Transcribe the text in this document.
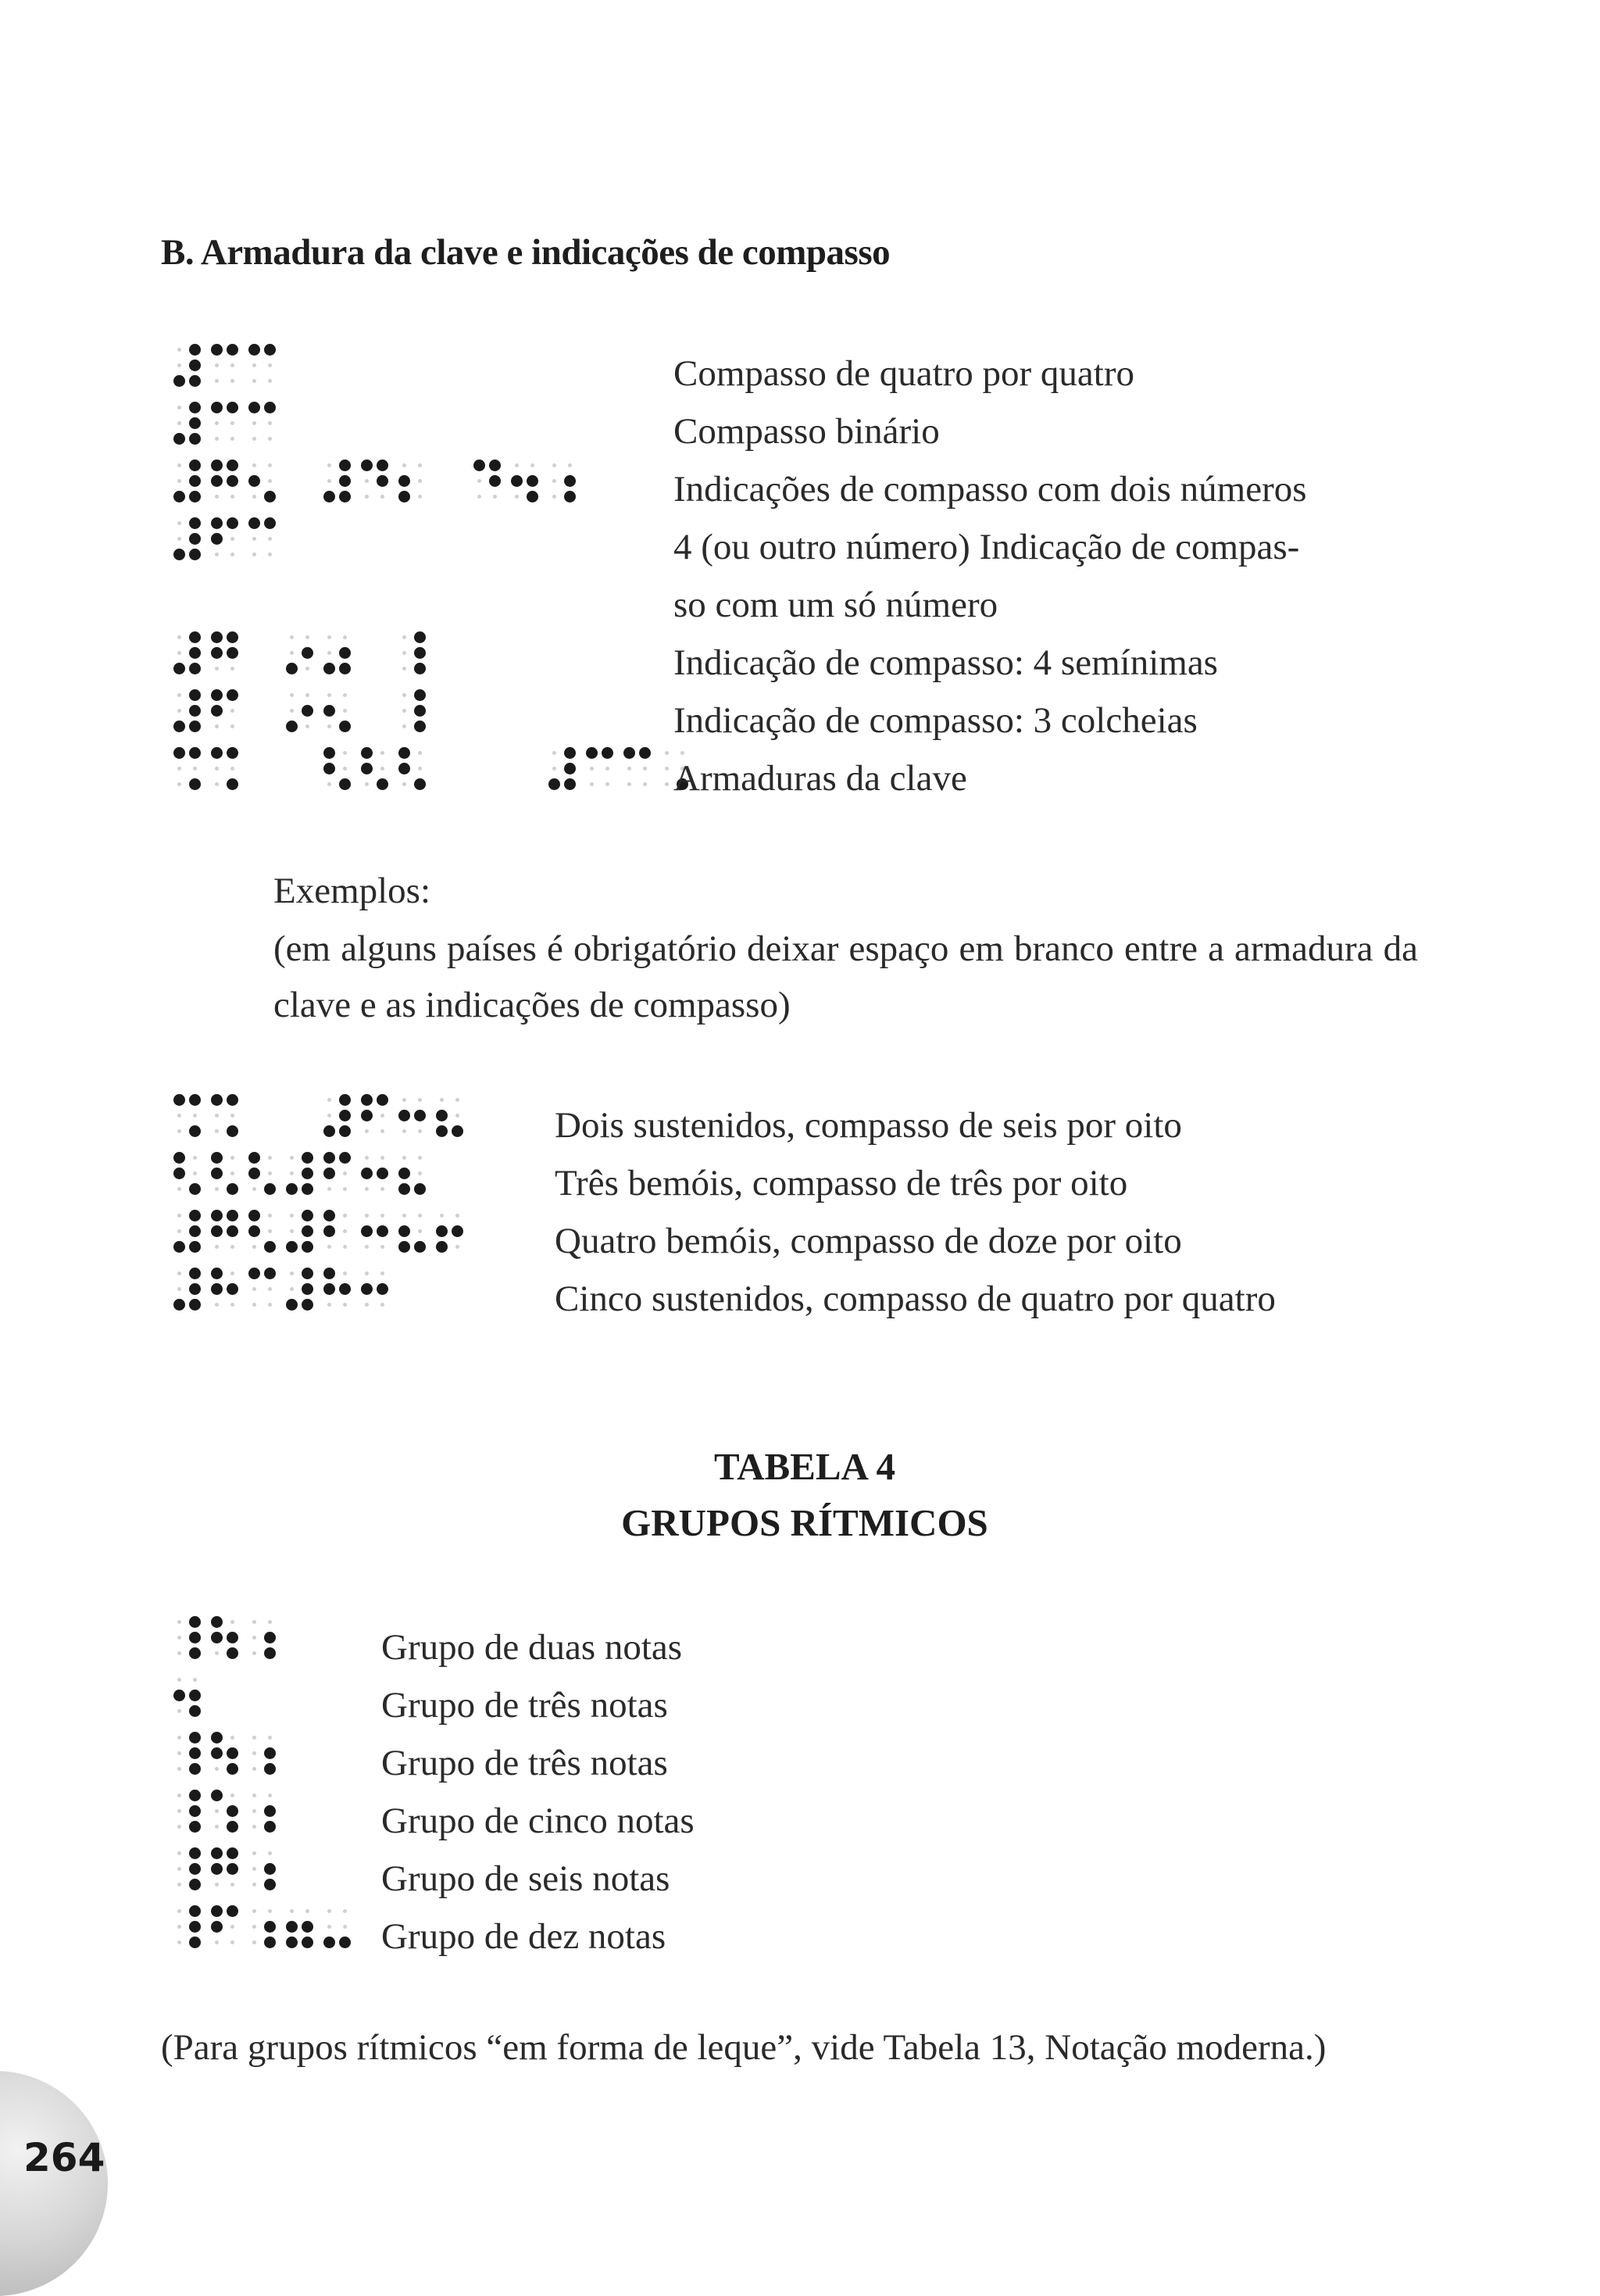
B. Armadura da clave e indicações de compasso
Compasso de quatro por quatro
Compasso binário
Indicações de compasso com dois números
4 (ou outro número) Indicação de compas-
so com um só número
Indicação de compasso: 4 semínimas
Indicação de compasso: 3 colcheias
Armaduras da clave
Exemplos:
(em alguns países é obrigatório deixar espaço em branco entre a armadura da clave e as indicações de compasso)
Dois sustenidos, compasso de seis por oito
Três bemóis, compasso de três por oito
Quatro bemóis, compasso de doze por oito
Cinco sustenidos, compasso de quatro por quatro
TABELA 4
GRUPOS RÍTMICOS
Grupo de duas notas
Grupo de três notas
Grupo de três notas
Grupo de cinco notas
Grupo de seis notas
Grupo de dez notas
(Para grupos rítmicos “em forma de leque”, vide Tabela 13, Notação moderna.)
264
